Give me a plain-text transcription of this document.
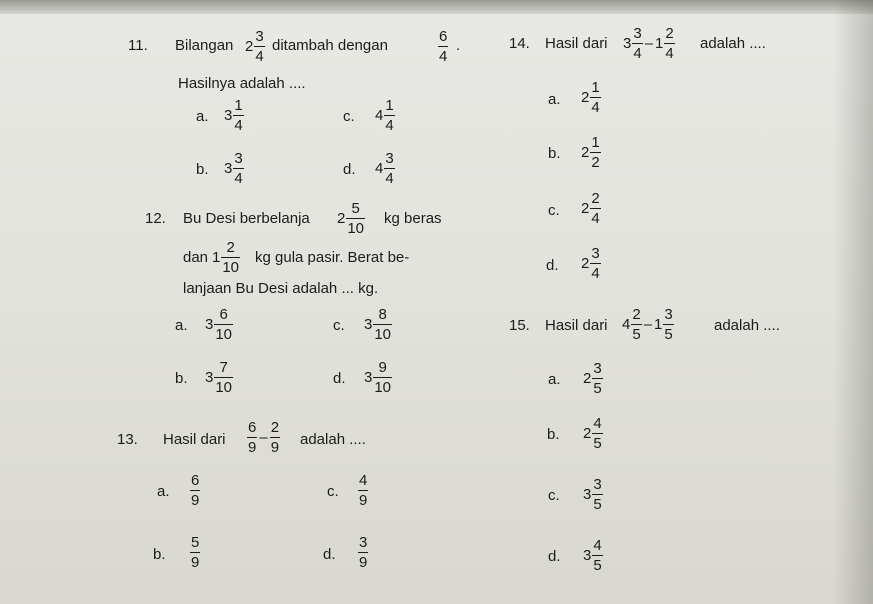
11. Bilangan $2 \frac{3}{4}$ ditambah dengan	$\frac{6}{4}$ .
Hasilnya adalah ....
a. $3 \frac{1}{4}$	c. $4 \frac{1}{4}$
b. $3 \frac{3}{4}$	d. $4 \frac{3}{4}$
12. Bu Desi berbelanja $2 \frac{5}{10}$ kg beras
dan $1 \frac{2}{10}$ kg gula pasir. Berat be-
lanjaan Bu Desi adalah ... kg.
a. $3 \frac{6}{10}$	c. $3 \frac{8}{10}$
b. $3 \frac{7}{10}$	d. $3 \frac{9}{10}$
13. Hasil dari $\frac{6}{9} - \frac{2}{9}$ adalah ....
a. $\frac{6}{9}$	c. $\frac{4}{9}$
b. $\frac{5}{9}$	d. $\frac{3}{9}$
14. Hasil dari $3 \frac{3}{4} - 1 \frac{2}{4}$ adalah ....
a. $2 \frac{1}{4}$
b. $2 \frac{1}{2}$
c. $2 \frac{2}{4}$
d. $2 \frac{3}{4}$
15. Hasil dari $4 \frac{2}{5} - 1 \frac{3}{5}$	adalah ....
a. $2 \frac{3}{5}$
b. $2 \frac{4}{5}$
c. $3 \frac{3}{5}$
d. $3 \frac{4}{5}$
